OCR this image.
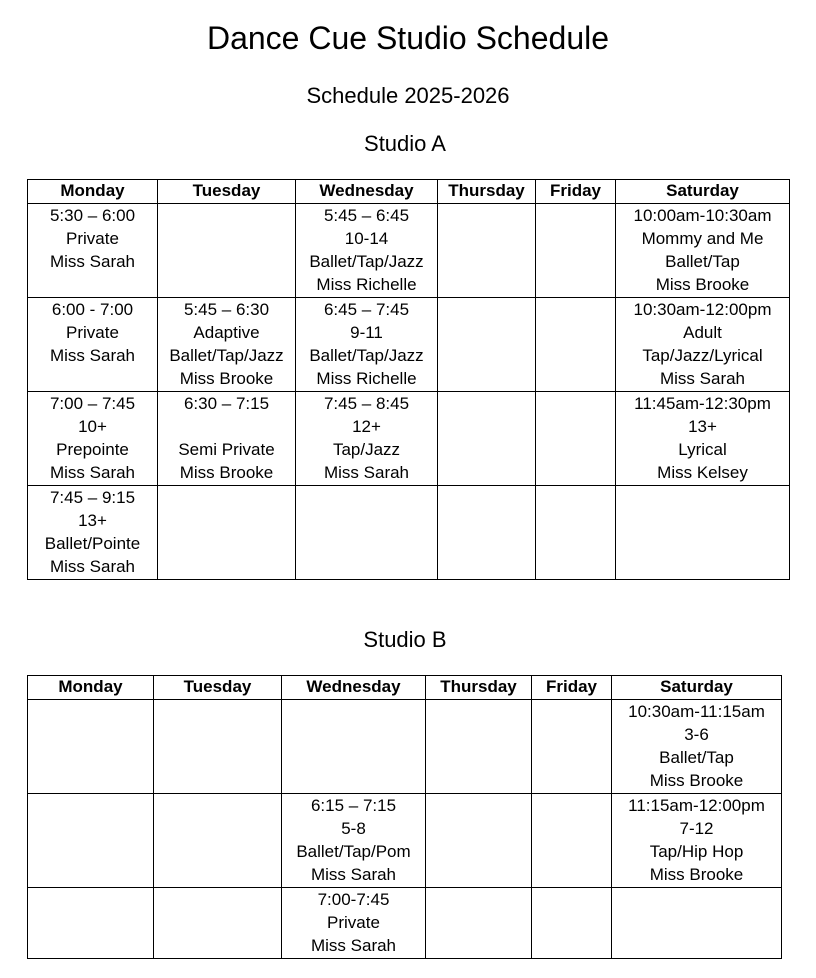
Dance Cue Studio Schedule
Schedule 2025-2026
Studio A
Monday	Tuesday	Wednesday	Thursday	Friday	Saturday

5:30 – 6:00
Private
Miss Sarah		5:45 – 6:45
10-14
Ballet/Tap/Jazz
Miss Richelle			10:00am-10:30am
Mommy and Me
Ballet/Tap
Miss Brooke

6:00 - 7:00
Private
Miss Sarah	5:45 – 6:30
Adaptive
Ballet/Tap/Jazz
Miss Brooke	6:45 – 7:45
9-11
Ballet/Tap/Jazz
Miss Richelle			10:30am-12:00pm
Adult
Tap/Jazz/Lyrical
Miss Sarah

7:00 – 7:45
10+
Prepointe
Miss Sarah	6:30 – 7:15

Semi Private
Miss Brooke	7:45 – 8:45
12+
Tap/Jazz
Miss Sarah			11:45am-12:30pm
13+
Lyrical
Miss Kelsey

7:45 – 9:15
13+
Ballet/Pointe
Miss Sarah					

Studio B
Monday	Tuesday	Wednesday	Thursday	Friday	Saturday

					10:30am-11:15am
3-6
Ballet/Tap
Miss Brooke

		6:15 – 7:15
5-8
Ballet/Tap/Pom
Miss Sarah			11:15am-12:00pm
7-12
Tap/Hip Hop
Miss Brooke

		7:00-7:45
Private
Miss Sarah			
